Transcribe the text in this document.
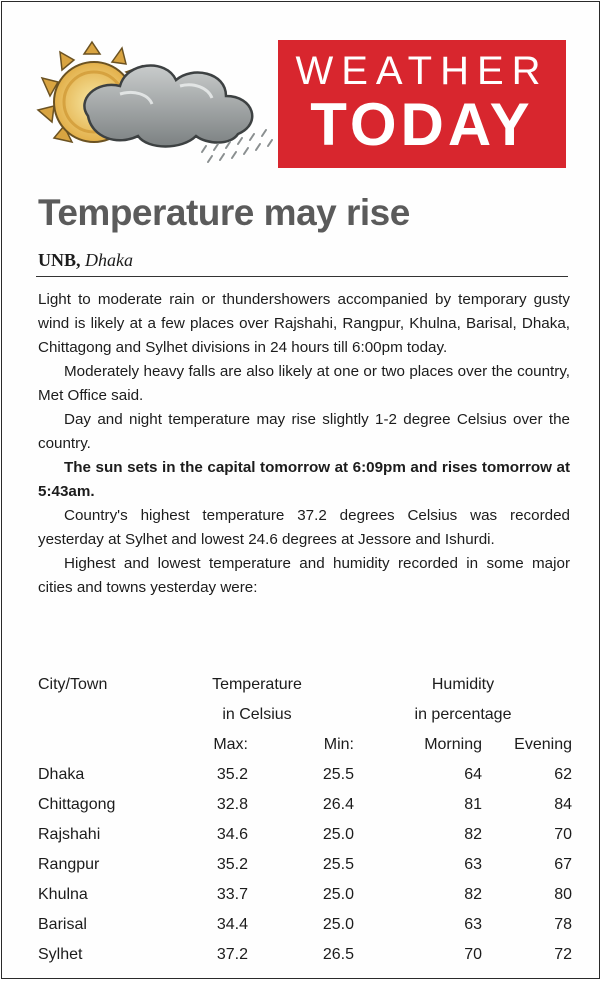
WEATHER
TODAY
Temperature may rise
UNB, Dhaka

Light to moderate rain or thundershowers accompanied by temporary gusty wind is likely at a few places over Rajshahi, Rangpur, Khulna, Barisal, Dhaka, Chittagong and Sylhet divisions in 24 hours till 6:00pm today.

Moderately heavy falls are also likely at one or two places over the country, Met Office said.

Day and night temperature may rise slightly 1-2 degree Celsius over the country.

The sun sets in the capital tomorrow at 6:09pm and rises tomorrow at 5:43am.

Country's highest temperature 37.2 degrees Celsius was recorded yesterday at Sylhet and lowest 24.6 degrees at Jessore and Ishurdi.

Highest and lowest temperature and humidity recorded in some major cities and towns yesterday were:

City/Town	Temperature		Humidity	
	in Celsius		in percentage	
	Max:	Min:	Morning	Evening
Dhaka	35.2	25.5	64	62
Chittagong	32.8	26.4	81	84
Rajshahi	34.6	25.0	82	70
Rangpur	35.2	25.5	63	67
Khulna	33.7	25.0	82	80
Barisal	34.4	25.0	63	78
Sylhet	37.2	26.5	70	72
